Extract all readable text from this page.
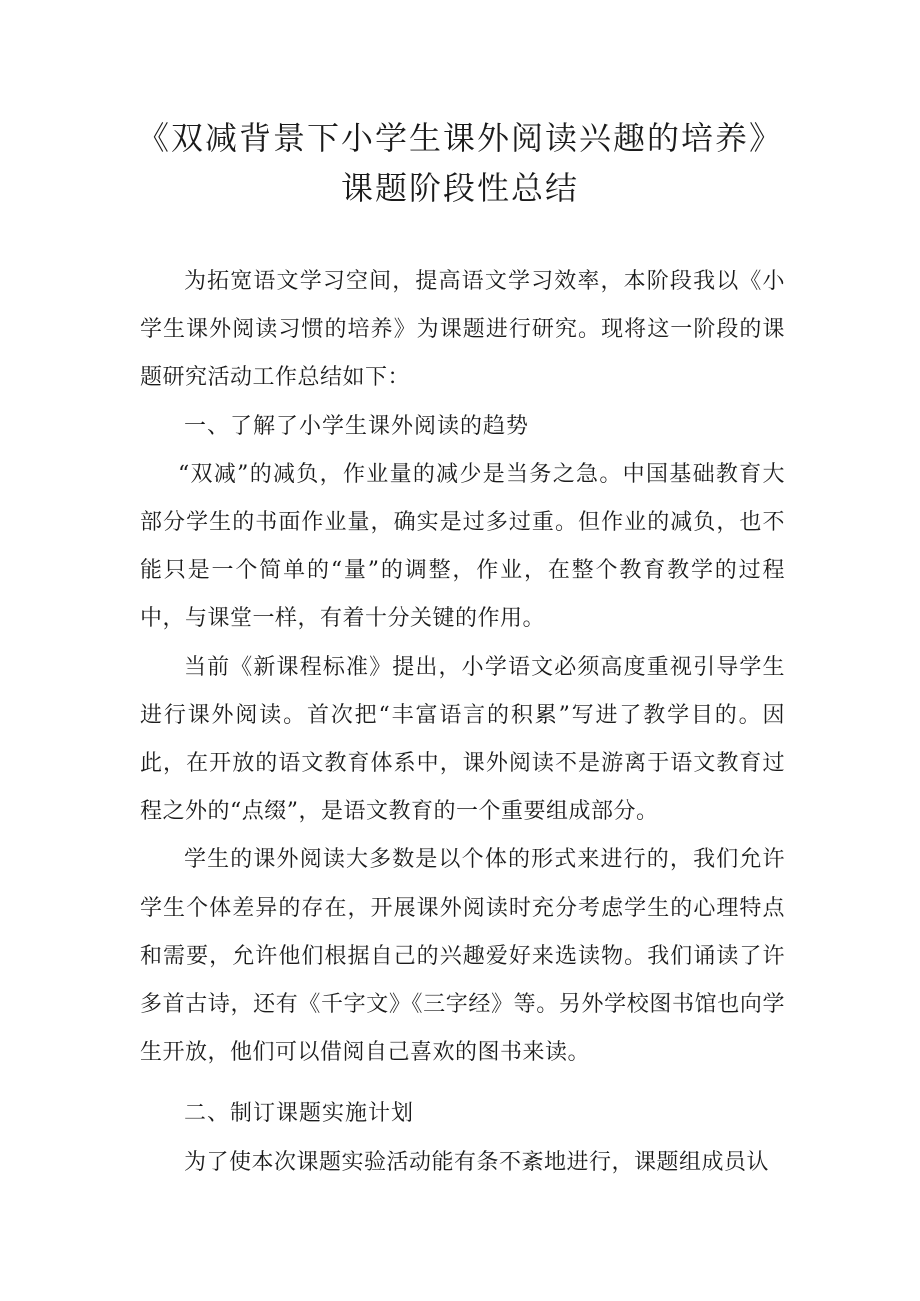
《双减背景下小学生课外阅读兴趣的培养》
课题阶段性总结

为拓宽语文学习空间，提高语文学习效率，本阶段我以《小学生课外阅读习惯的培养》为课题进行研究。现将这一阶段的课题研究活动工作总结如下：

一、了解了小学生课外阅读的趋势

“双减”的减负，作业量的减少是当务之急。中国基础教育大部分学生的书面作业量，确实是过多过重。但作业的减负，也不能只是一个简单的“量”的调整，作业，在整个教育教学的过程中，与课堂一样，有着十分关键的作用。

当前《新课程标准》提出，小学语文必须高度重视引导学生进行课外阅读。首次把“丰富语言的积累”写进了教学目的。因此，在开放的语文教育体系中，课外阅读不是游离于语文教育过程之外的“点缀”，是语文教育的一个重要组成部分。

学生的课外阅读大多数是以个体的形式来进行的，我们允许学生个体差异的存在，开展课外阅读时充分考虑学生的心理特点和需要，允许他们根据自己的兴趣爱好来选读物。我们诵读了许多首古诗，还有《千字文》《三字经》等。另外学校图书馆也向学生开放，他们可以借阅自己喜欢的图书来读。

二、制订课题实施计划

为了使本次课题实验活动能有条不紊地进行，课题组成员认
